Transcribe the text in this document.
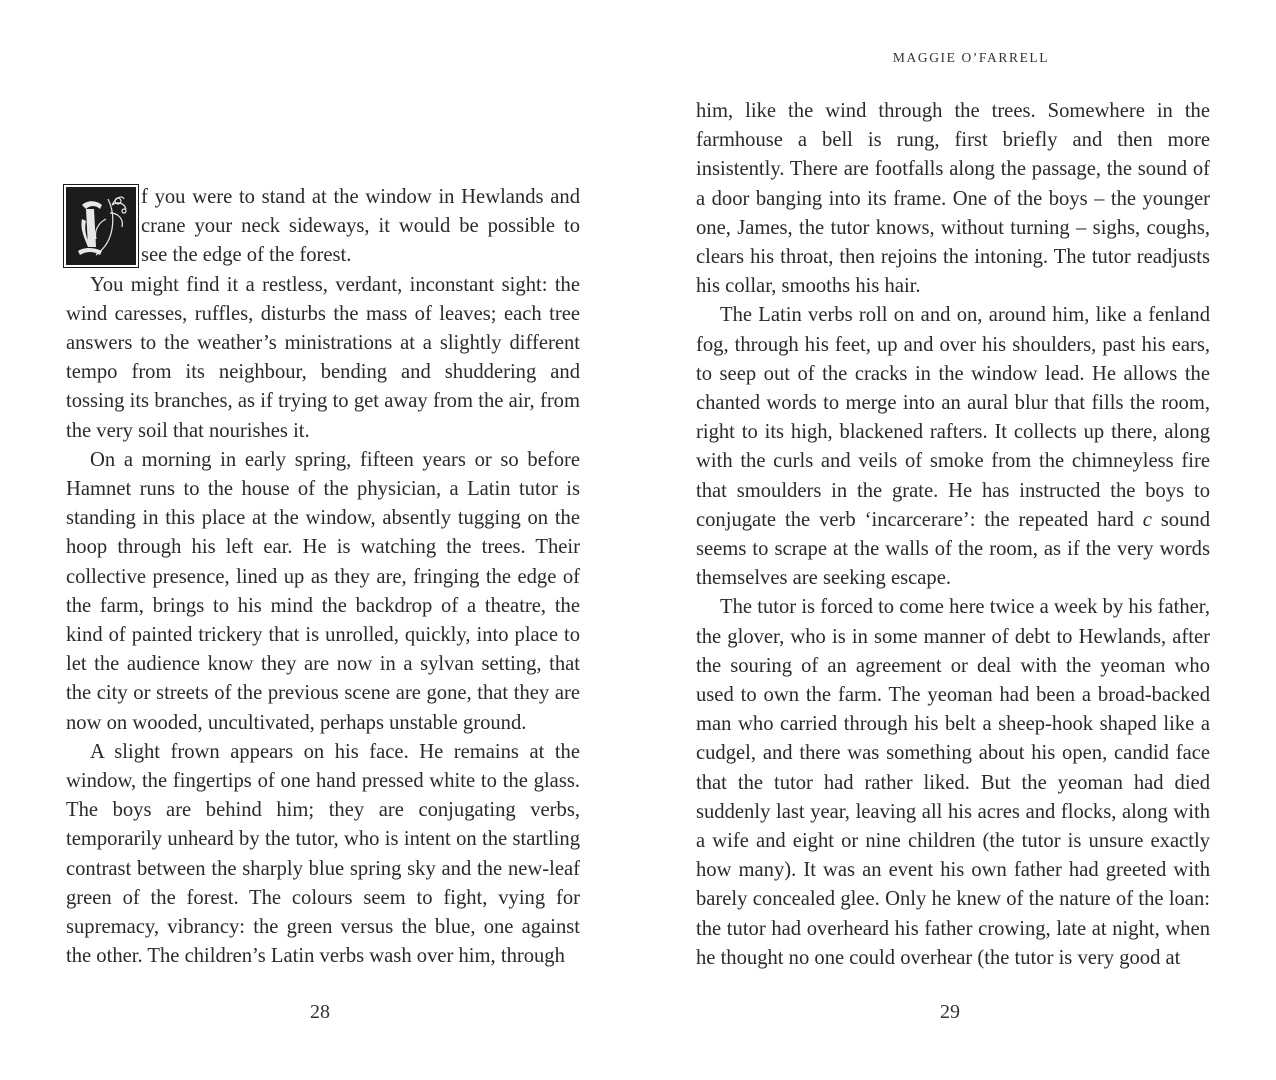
f you were to stand at the window in Hewlands and crane your neck sideways, it would be possible to see the edge of the forest.

You might find it a restless, verdant, inconstant sight: the wind caresses, ruffles, disturbs the mass of leaves; each tree answers to the weather’s ministrations at a slightly different tempo from its neighbour, bending and shuddering and tossing its branches, as if trying to get away from the air, from the very soil that nourishes it.

On a morning in early spring, fifteen years or so before Hamnet runs to the house of the physician, a Latin tutor is standing in this place at the window, absently tugging on the hoop through his left ear. He is watching the trees. Their collective presence, lined up as they are, fringing the edge of the farm, brings to his mind the backdrop of a theatre, the kind of painted trickery that is unrolled, quickly, into place to let the audience know they are now in a sylvan setting, that the city or streets of the previous scene are gone, that they are now on wooded, uncultivated, perhaps unstable ground.

A slight frown appears on his face. He remains at the window, the fingertips of one hand pressed white to the glass. The boys are behind him; they are conjugating verbs, temporarily unheard by the tutor, who is intent on the startling contrast between the sharply blue spring sky and the new-leaf green of the forest. The colours seem to fight, vying for supremacy, vibrancy: the green versus the blue, one against the other. The children’s Latin verbs wash over him, through

28
MAGGIE O’FARRELL

him, like the wind through the trees. Somewhere in the farmhouse a bell is rung, first briefly and then more insistently. There are footfalls along the passage, the sound of a door banging into its frame. One of the boys – the younger one, James, the tutor knows, without turning – sighs, coughs, clears his throat, then rejoins the intoning. The tutor readjusts his collar, smooths his hair.

The Latin verbs roll on and on, around him, like a fenland fog, through his feet, up and over his shoulders, past his ears, to seep out of the cracks in the window lead. He allows the chanted words to merge into an aural blur that fills the room, right to its high, blackened rafters. It collects up there, along with the curls and veils of smoke from the chimneyless fire that smoulders in the grate. He has instructed the boys to conjugate the verb ‘incarcerare’: the repeated hard c sound seems to scrape at the walls of the room, as if the very words themselves are seeking escape.

The tutor is forced to come here twice a week by his father, the glover, who is in some manner of debt to Hewlands, after the souring of an agreement or deal with the yeoman who used to own the farm. The yeoman had been a broad-backed man who carried through his belt a sheep-hook shaped like a cudgel, and there was something about his open, candid face that the tutor had rather liked. But the yeoman had died suddenly last year, leaving all his acres and flocks, along with a wife and eight or nine children (the tutor is unsure exactly how many). It was an event his own father had greeted with barely concealed glee. Only he knew of the nature of the loan: the tutor had overheard his father crowing, late at night, when he thought no one could overhear (the tutor is very good at

29
